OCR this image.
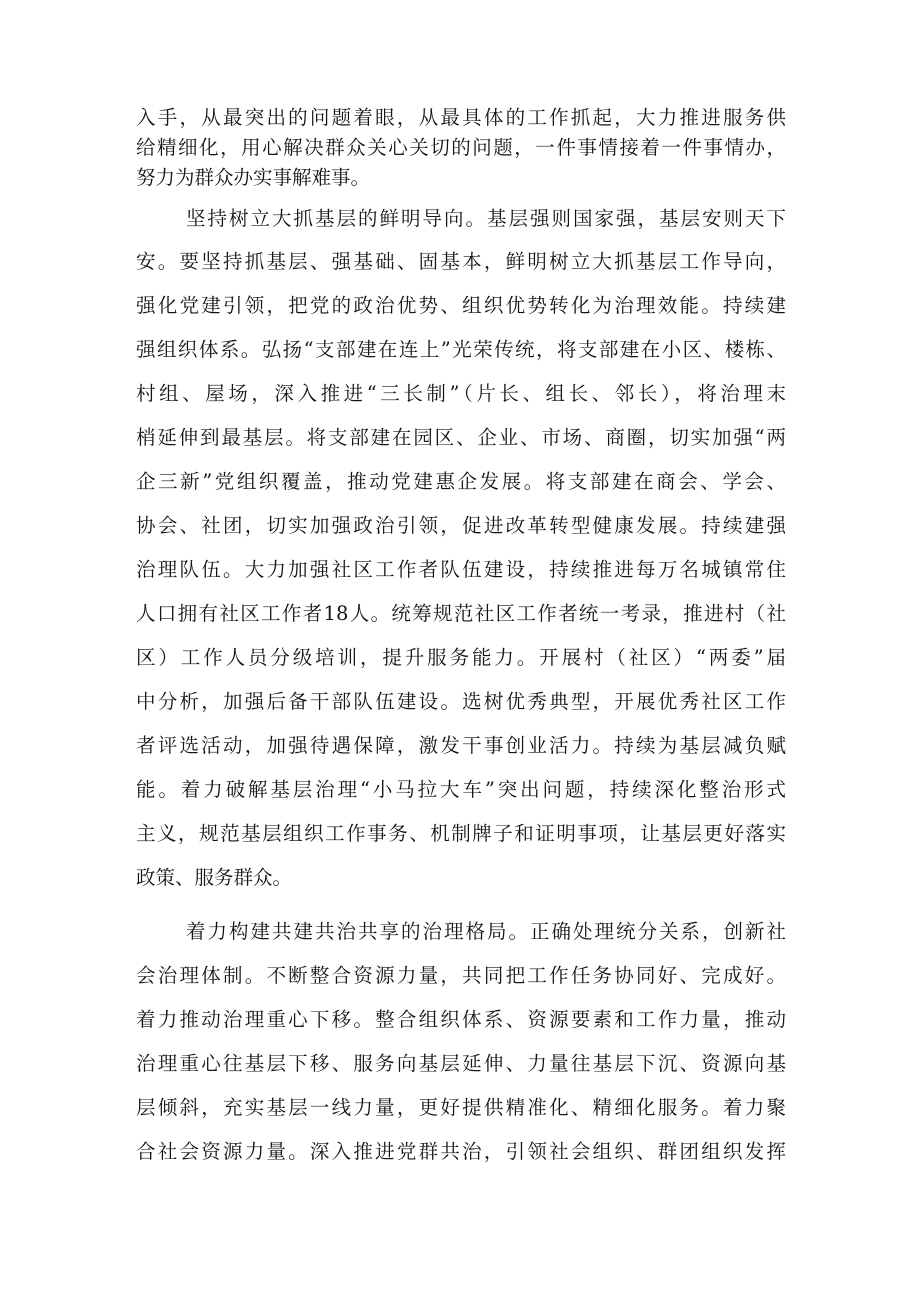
入手，从最突出的问题着眼，从最具体的工作抓起，大力推进服务供
给精细化，用心解决群众关心关切的问题，一件事情接着一件事情办，
努力为群众办实事解难事。
坚持树立大抓基层的鲜明导向。基层强则国家强，基层安则天下
安。要坚持抓基层、强基础、固基本，鲜明树立大抓基层工作导向，
强化党建引领，把党的政治优势、组织优势转化为治理效能。持续建
强组织体系。弘扬“支部建在连上”光荣传统，将支部建在小区、楼栋、
村组、屋场，深入推进“三长制”（片长、组长、邻长），将治理末
梢延伸到最基层。将支部建在园区、企业、市场、商圈，切实加强“两
企三新”党组织覆盖，推动党建惠企发展。将支部建在商会、学会、
协会、社团，切实加强政治引领，促进改革转型健康发展。持续建强
治理队伍。大力加强社区工作者队伍建设，持续推进每万名城镇常住
人口拥有社区工作者18人。统筹规范社区工作者统一考录，推进村（社
区）工作人员分级培训，提升服务能力。开展村（社区）“两委”届
中分析，加强后备干部队伍建设。选树优秀典型，开展优秀社区工作
者评选活动，加强待遇保障，激发干事创业活力。持续为基层减负赋
能。着力破解基层治理“小马拉大车”突出问题，持续深化整治形式
主义，规范基层组织工作事务、机制牌子和证明事项，让基层更好落实
政策、服务群众。
着力构建共建共治共享的治理格局。正确处理统分关系，创新社
会治理体制。不断整合资源力量，共同把工作任务协同好、完成好。
着力推动治理重心下移。整合组织体系、资源要素和工作力量，推动
治理重心往基层下移、服务向基层延伸、力量往基层下沉、资源向基
层倾斜，充实基层一线力量，更好提供精准化、精细化服务。着力聚
合社会资源力量。深入推进党群共治，引领社会组织、群团组织发挥
